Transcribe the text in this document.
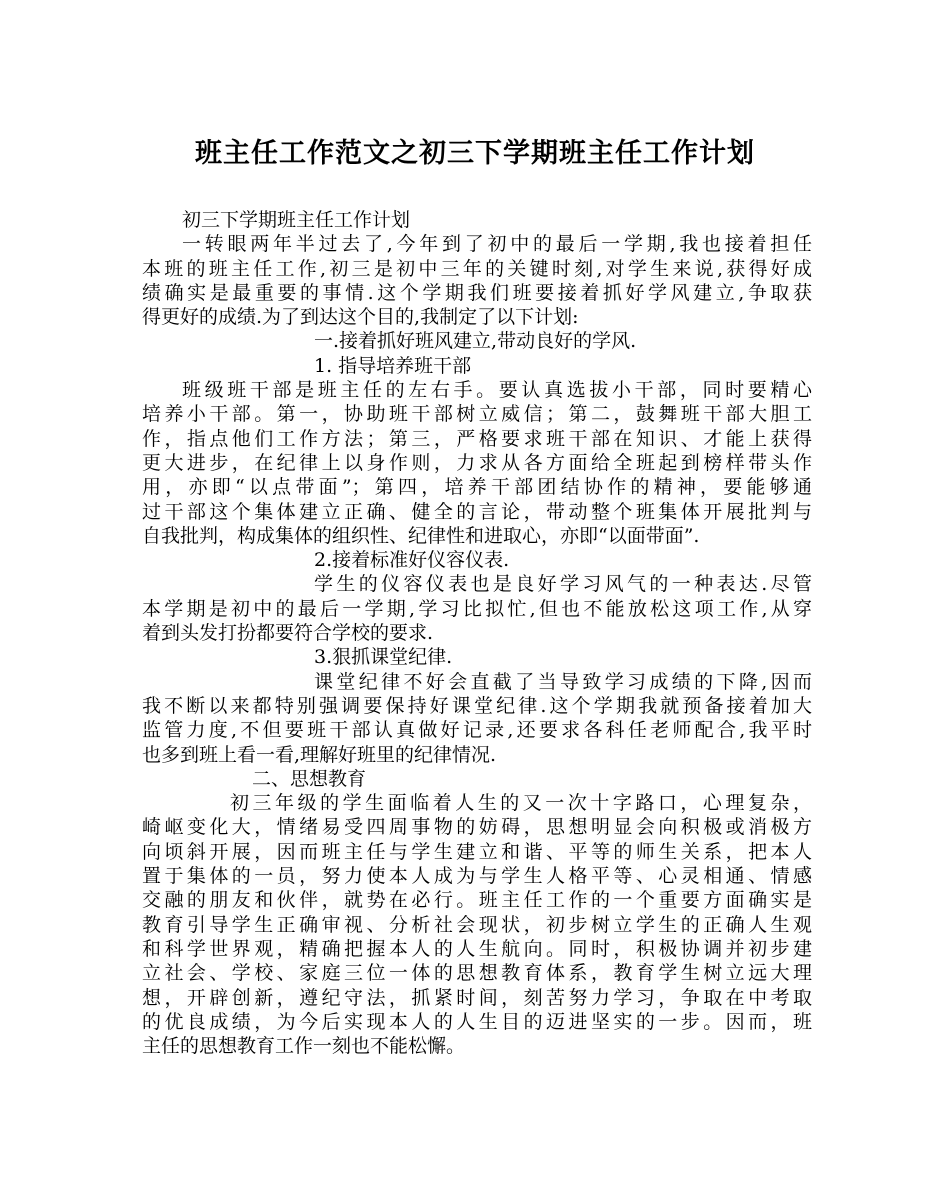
班主任工作范文之初三下学期班主任工作计划
初三下学期班主任工作计划
一转眼两年半过去了,今年到了初中的最后一学期,我也接着担任
本班的班主任工作,初三是初中三年的关键时刻,对学生来说,获得好成
绩确实是最重要的事情.这个学期我们班要接着抓好学风建立,争取获
得更好的成绩.为了到达这个目的,我制定了以下计划:
一.接着抓好班风建立,带动良好的学风.
1. 指导培养班干部
班级班干部是班主任的左右手。要认真选拔小干部，同时要精心
培养小干部。第一，协助班干部树立威信；第二，鼓舞班干部大胆工
作，指点他们工作方法；第三，严格要求班干部在知识、才能上获得
更大进步，在纪律上以身作则，力求从各方面给全班起到榜样带头作
用，亦即“以点带面”；第四，培养干部团结协作的精神，要能够通
过干部这个集体建立正确、健全的言论，带动整个班集体开展批判与
自我批判，构成集体的组织性、纪律性和进取心，亦即“以面带面”.
2.接着标准好仪容仪表.
学生的仪容仪表也是良好学习风气的一种表达.尽管
本学期是初中的最后一学期,学习比拟忙,但也不能放松这项工作,从穿
着到头发打扮都要符合学校的要求.
3.狠抓课堂纪律.
课堂纪律不好会直截了当导致学习成绩的下降,因而
我不断以来都特别强调要保持好课堂纪律.这个学期我就预备接着加大
监管力度,不但要班干部认真做好记录,还要求各科任老师配合,我平时
也多到班上看一看,理解好班里的纪律情况.
二、思想教育
初三年级的学生面临着人生的又一次十字路口，心理复杂，
崎岖变化大，情绪易受四周事物的妨碍，思想明显会向积极或消极方
向顷斜开展，因而班主任与学生建立和谐、平等的师生关系，把本人
置于集体的一员，努力使本人成为与学生人格平等、心灵相通、情感
交融的朋友和伙伴，就势在必行。班主任工作的一个重要方面确实是
教育引导学生正确审视、分析社会现状，初步树立学生的正确人生观
和科学世界观，精确把握本人的人生航向。同时，积极协调并初步建
立社会、学校、家庭三位一体的思想教育体系，教育学生树立远大理
想，开辟创新，遵纪守法，抓紧时间，刻苦努力学习，争取在中考取
的优良成绩，为今后实现本人的人生目的迈进坚实的一步。因而，班
主任的思想教育工作一刻也不能松懈。
